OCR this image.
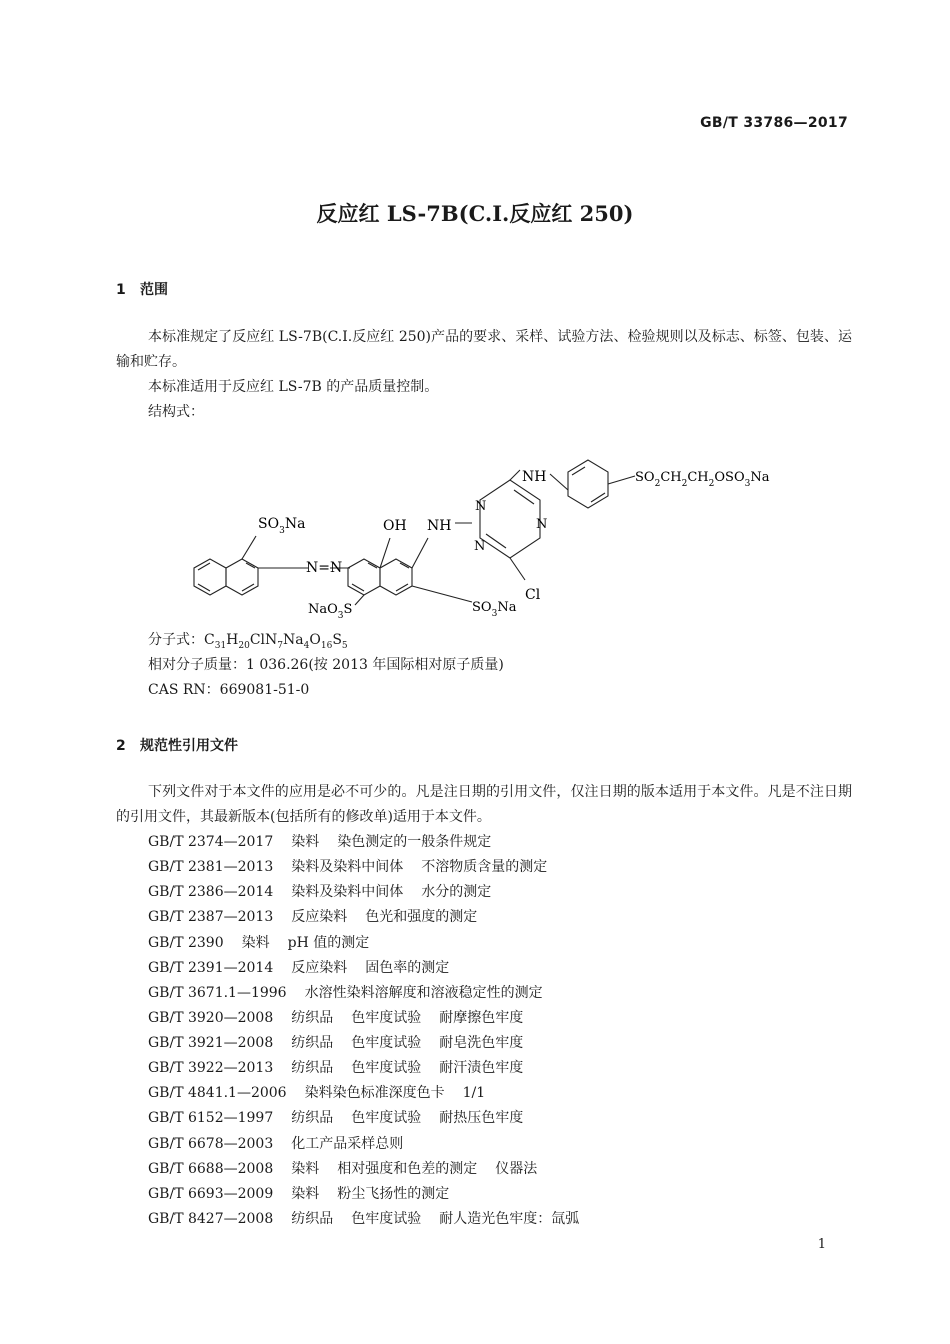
GB/T 33786—2017
反应红 LS-7B(C.I.反应红 250)
1 范围
本标准规定了反应红 LS-7B(C.I.反应红 250)产品的要求、采样、试验方法、检验规则以及标志、标签、包装、运输和贮存。
本标准适用于反应红 LS-7B 的产品质量控制。
结构式：
$SO_3Na$
N=N
OH NH
N
N
N
Cl
NH	$SO_2CH_2CH_2OSO_3Na$
NaO$_3$S	$SO_3Na$
分子式：$C_{31}H_{20}ClN_7Na_4O_{16}S_5$
相对分子质量：1 036.26(按 2013 年国际相对原子质量)
CAS RN：669081-51-0
2 规范性引用文件
下列文件对于本文件的应用是必不可少的。凡是注日期的引用文件，仅注日期的版本适用于本文件。凡是不注日期的引用文件，其最新版本(包括所有的修改单)适用于本文件。
GB/T 2374—2017 染料 染色测定的一般条件规定
GB/T 2381—2013 染料及染料中间体 不溶物质含量的测定
GB/T 2386—2014 染料及染料中间体 水分的测定
GB/T 2387—2013 反应染料 色光和强度的测定
GB/T 2390 染料 pH 值的测定
GB/T 2391—2014 反应染料 固色率的测定
GB/T 3671.1—1996 水溶性染料溶解度和溶液稳定性的测定
GB/T 3920—2008 纺织品 色牢度试验 耐摩擦色牢度
GB/T 3921—2008 纺织品 色牢度试验 耐皂洗色牢度
GB/T 3922—2013 纺织品 色牢度试验 耐汗渍色牢度
GB/T 4841.1—2006 染料染色标准深度色卡 1/1
GB/T 6152—1997 纺织品 色牢度试验 耐热压色牢度
GB/T 6678—2003 化工产品采样总则
GB/T 6688—2008 染料 相对强度和色差的测定 仪器法
GB/T 6693—2009 染料 粉尘飞扬性的测定
GB/T 8427—2008 纺织品 色牢度试验 耐人造光色牢度：氙弧
1
